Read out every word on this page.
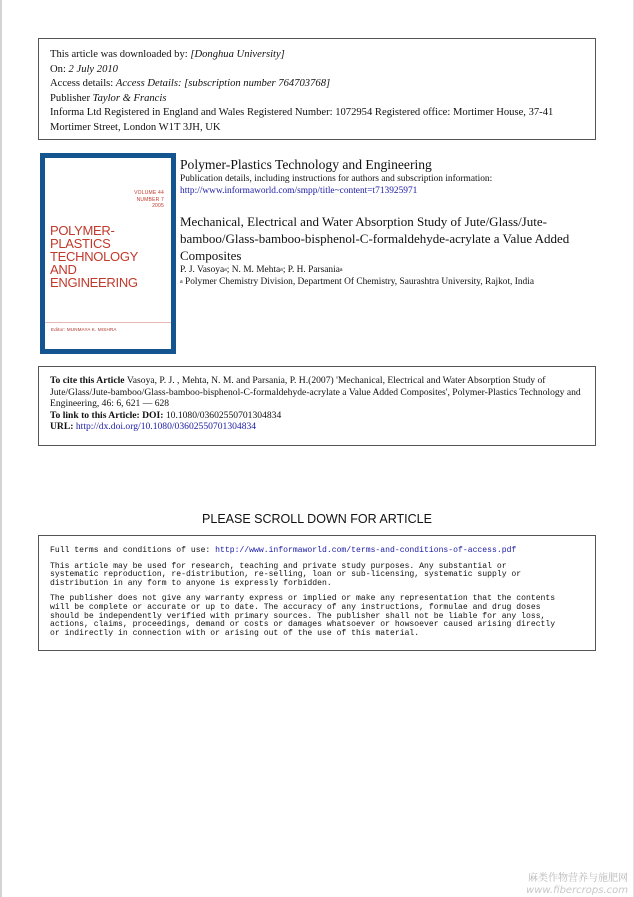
This article was downloaded by: [Donghua University]
On: 2 July 2010
Access details: Access Details: [subscription number 764703768]
Publisher Taylor & Francis
Informa Ltd Registered in England and Wales Registered Number: 1072954 Registered office: Mortimer House, 37-41 Mortimer Street, London W1T 3JH, UK
VOLUME 44
NUMBER 7
2005
POLYMER-PLASTICS
TECHNOLOGY
AND
ENGINEERING
Editor: MUNMAYA K. MISHRA
Polymer-Plastics Technology and Engineering
Publication details, including instructions for authors and subscription information:
http://www.informaworld.com/smpp/title~content=t713925971
Mechanical, Electrical and Water Absorption Study of Jute/Glass/Jute-bamboo/Glass-bamboo-bisphenol-C-formaldehyde-acrylate a Value Added Composites
P. J. Vasoya$^a$; N. M. Mehta$^a$; P. H. Parsania$^a$
$^a$ Polymer Chemistry Division, Department Of Chemistry, Saurashtra University, Rajkot, India
To cite this Article Vasoya, P. J. , Mehta, N. M. and Parsania, P. H.(2007) 'Mechanical, Electrical and Water Absorption Study of Jute/Glass/Jute-bamboo/Glass-bamboo-bisphenol-C-formaldehyde-acrylate a Value Added Composites', Polymer-Plastics Technology and Engineering, 46: 6, 621 — 628
To link to this Article: DOI: 10.1080/03602550701304834
URL: http://dx.doi.org/10.1080/03602550701304834
PLEASE SCROLL DOWN FOR ARTICLE

Full terms and conditions of use: http://www.informaworld.com/terms-and-conditions-of-access.pdf

This article may be used for research, teaching and private study purposes. Any substantial or
systematic reproduction, re-distribution, re-selling, loan or sub-licensing, systematic supply or
distribution in any form to anyone is expressly forbidden.

The publisher does not give any warranty express or implied or make any representation that the contents
will be complete or accurate or up to date. The accuracy of any instructions, formulae and drug doses
should be independently verified with primary sources. The publisher shall not be liable for any loss,
actions, claims, proceedings, demand or costs or damages whatsoever or howsoever caused arising directly
or indirectly in connection with or arising out of the use of this material.

麻类作物营养与施肥网
www.fibercrops.com
